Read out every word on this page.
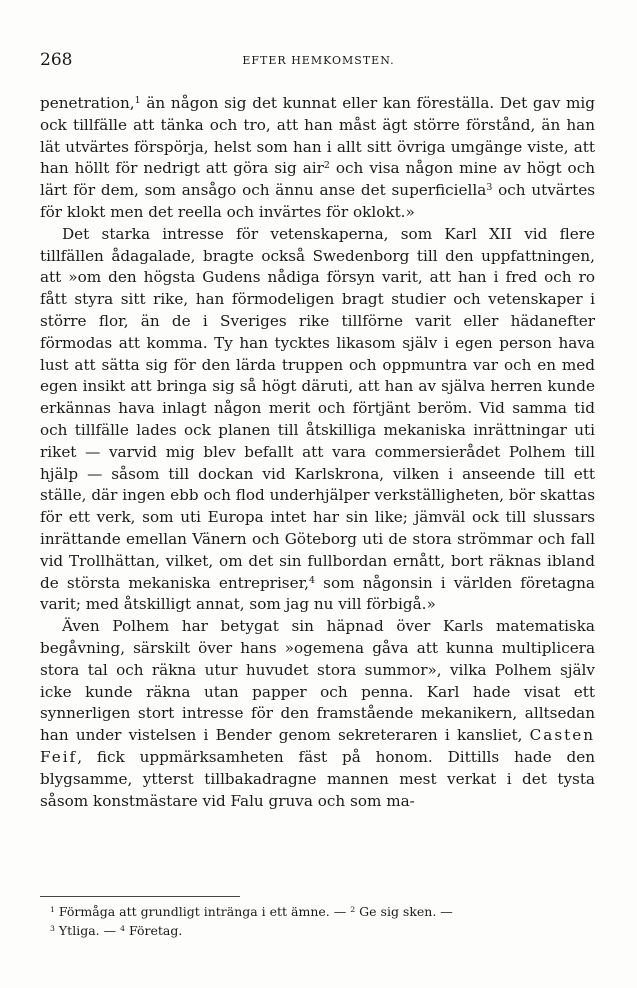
268	EFTER HEMKOMSTEN.

penetration,$^1$ än någon sig det kunnat eller kan föreställa. Det gav mig ock tillfälle att tänka och tro, att han måst ägt större förstånd, än han lät utvärtes förspörja, helst som han i allt sitt övriga umgänge viste, att han höllt för nedrigt att göra sig air$^2$ och visa någon mine av högt och lärt för dem, som ansågo och ännu anse det superficiella$^3$ och utvärtes för klokt men det reella och invärtes för oklokt.»

Det starka intresse för vetenskaperna, som Karl XII vid flere tillfällen ådagalade, bragte också Swedenborg till den uppfattningen, att »om den högsta Gudens nådiga försyn varit, att han i fred och ro fått styra sitt rike, han förmodeligen bragt studier och vetenskaper i större flor, än de i Sveriges rike tillförne varit eller hädanefter förmodas att komma. Ty han tycktes likasom själv i egen person hava lust att sätta sig för den lärda truppen och oppmuntra var och en med egen insikt att bringa sig så högt däruti, att han av själva herren kunde erkännas hava inlagt någon merit och förtjänt beröm. Vid samma tid och tillfälle lades ock planen till åtskilliga mekaniska inrättningar uti riket — varvid mig blev befallt att vara commersierådet Polhem till hjälp — såsom till dockan vid Karlskrona, vilken i anseende till ett ställe, där ingen ebb och flod underhjälper verkställigheten, bör skattas för ett verk, som uti Europa intet har sin like; jämväl ock till slussars inrättande emellan Vänern och Göteborg uti de stora strömmar och fall vid Trollhättan, vilket, om det sin fullbordan ernått, bort räknas ibland de största mekaniska entrepriser,$^4$ som någonsin i världen företagna varit; med åtskilligt annat, som jag nu vill förbigå.»

Även Polhem har betygat sin häpnad över Karls matematiska begåvning, särskilt över hans »ogemena gåva att kunna multiplicera stora tal och räkna utur huvudet stora summor», vilka Polhem själv icke kunde räkna utan papper och penna. Karl hade visat ett synnerligen stort intresse för den framstående mekanikern, alltsedan han under vistelsen i Bender genom sekreteraren i kansliet, Casten Feif, fick uppmärksamheten fäst på honom. Dittills hade den blygsamme, ytterst tillbakadragne mannen mest verkat i det tysta såsom konstmästare vid Falu gruva och som ma-

$^1$ Förmåga att grundligt intränga i ett ämne. — $^2$ Ge sig sken. —
$^3$ Ytliga. — $^4$ Företag.
